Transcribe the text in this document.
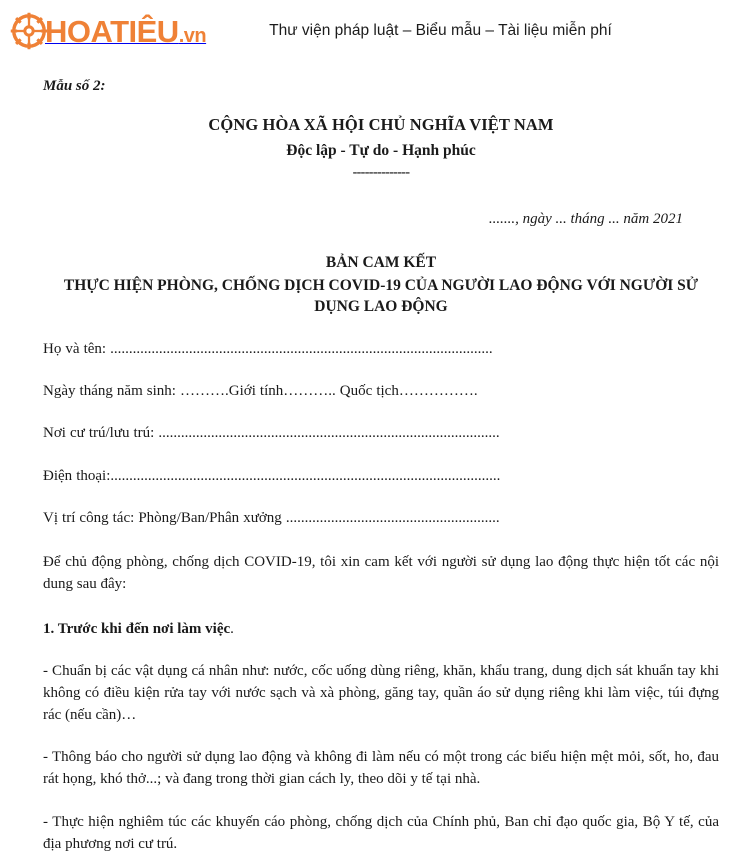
HOATIÊU.vn	Thư viện pháp luật – Biểu mẫu – Tài liệu miễn phí
Mẫu số 2:
CỘNG HÒA XÃ HỘI CHỦ NGHĨA VIỆT NAM
Độc lập - Tự do - Hạnh phúc
--------------
......., ngày ... tháng ... năm 2021
BẢN CAM KẾT
THỰC HIỆN PHÒNG, CHỐNG DỊCH COVID-19 CỦA NGƯỜI LAO ĐỘNG VỚI NGƯỜI SỬ DỤNG LAO ĐỘNG
Họ và tên: ......................................................................................................
Ngày tháng năm sinh: ……….Giới tính……….. Quốc tịch…………….
Nơi cư trú/lưu trú: ...........................................................................................
Điện thoại:........................................................................................................
Vị trí công tác: Phòng/Ban/Phân xưởng .........................................................

Để chủ động phòng, chống dịch COVID-19, tôi xin cam kết với người sử dụng lao động thực hiện tốt các nội dung sau đây:

1. Trước khi đến nơi làm việc.

- Chuẩn bị các vật dụng cá nhân như: nước, cốc uống dùng riêng, khăn, khẩu trang, dung dịch sát khuẩn tay khi không có điều kiện rửa tay với nước sạch và xà phòng, găng tay, quần áo sử dụng riêng khi làm việc, túi đựng rác (nếu cần)…

- Thông báo cho người sử dụng lao động và không đi làm nếu có một trong các biểu hiện mệt mỏi, sốt, ho, đau rát họng, khó thở...; và đang trong thời gian cách ly, theo dõi y tế tại nhà.

- Thực hiện nghiêm túc các khuyến cáo phòng, chống dịch của Chính phủ, Ban chỉ đạo quốc gia, Bộ Y tế, của địa phương nơi cư trú.
